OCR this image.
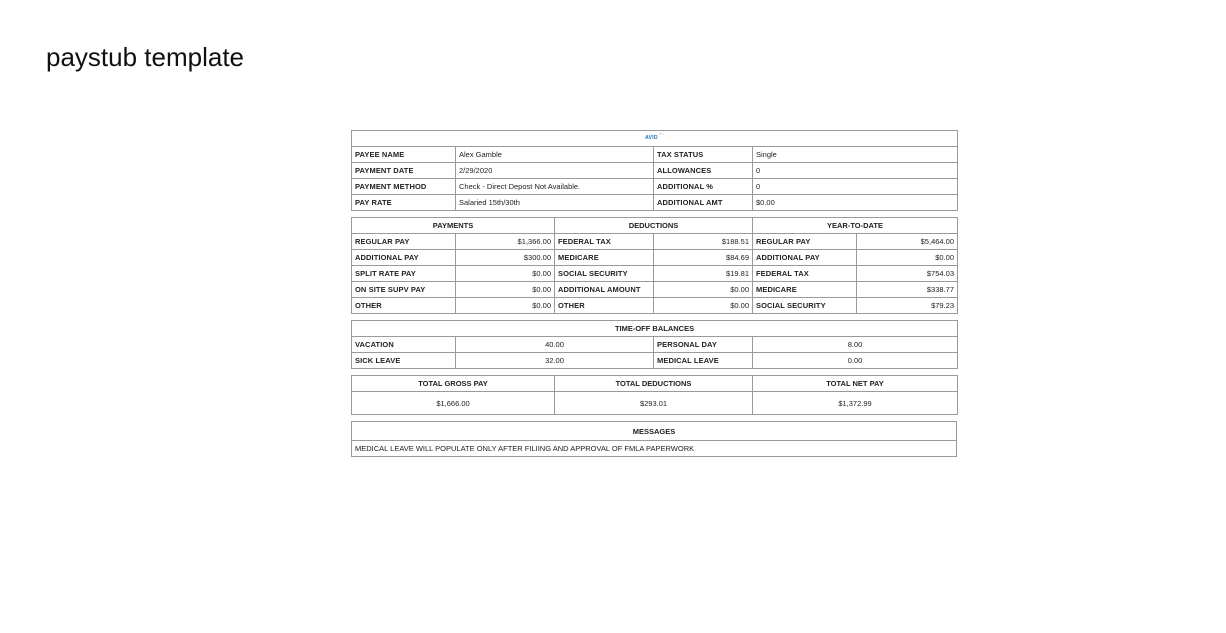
paystub template
AVID⌒			
PAYEE NAME	Alex Gamble	TAX STATUS	Single
PAYMENT DATE	2/29/2020	ALLOWANCES	0
PAYMENT METHOD	Check - Direct Depost Not Available.	ADDITIONAL %	0
PAY RATE	Salaried 15th/30th	ADDITIONAL AMT	$0.00
PAYMENTS		DEDUCTIONS		YEAR-TO-DATE	
REGULAR PAY	$1,366.00	FEDERAL TAX	$188.51	REGULAR PAY	$5,464.00
ADDITIONAL PAY	$300.00	MEDICARE	$84.69	ADDITIONAL PAY	$0.00
SPLIT RATE PAY	$0.00	SOCIAL SECURITY	$19.81	FEDERAL TAX	$754.03
ON SITE SUPV PAY	$0.00	ADDITIONAL AMOUNT	$0.00	MEDICARE	$338.77
OTHER	$0.00	OTHER	$0.00	SOCIAL SECURITY	$79.23
TIME-OFF BALANCES			
VACATION	40.00	PERSONAL DAY	8.00
SICK LEAVE	32.00	MEDICAL LEAVE	0.00
TOTAL GROSS PAY	TOTAL DEDUCTIONS	TOTAL NET PAY
$1,666.00	$293.01	$1,372.99
MESSAGES
MEDICAL LEAVE WILL POPULATE ONLY AFTER FILIING AND APPROVAL OF FMLA PAPERWORK
